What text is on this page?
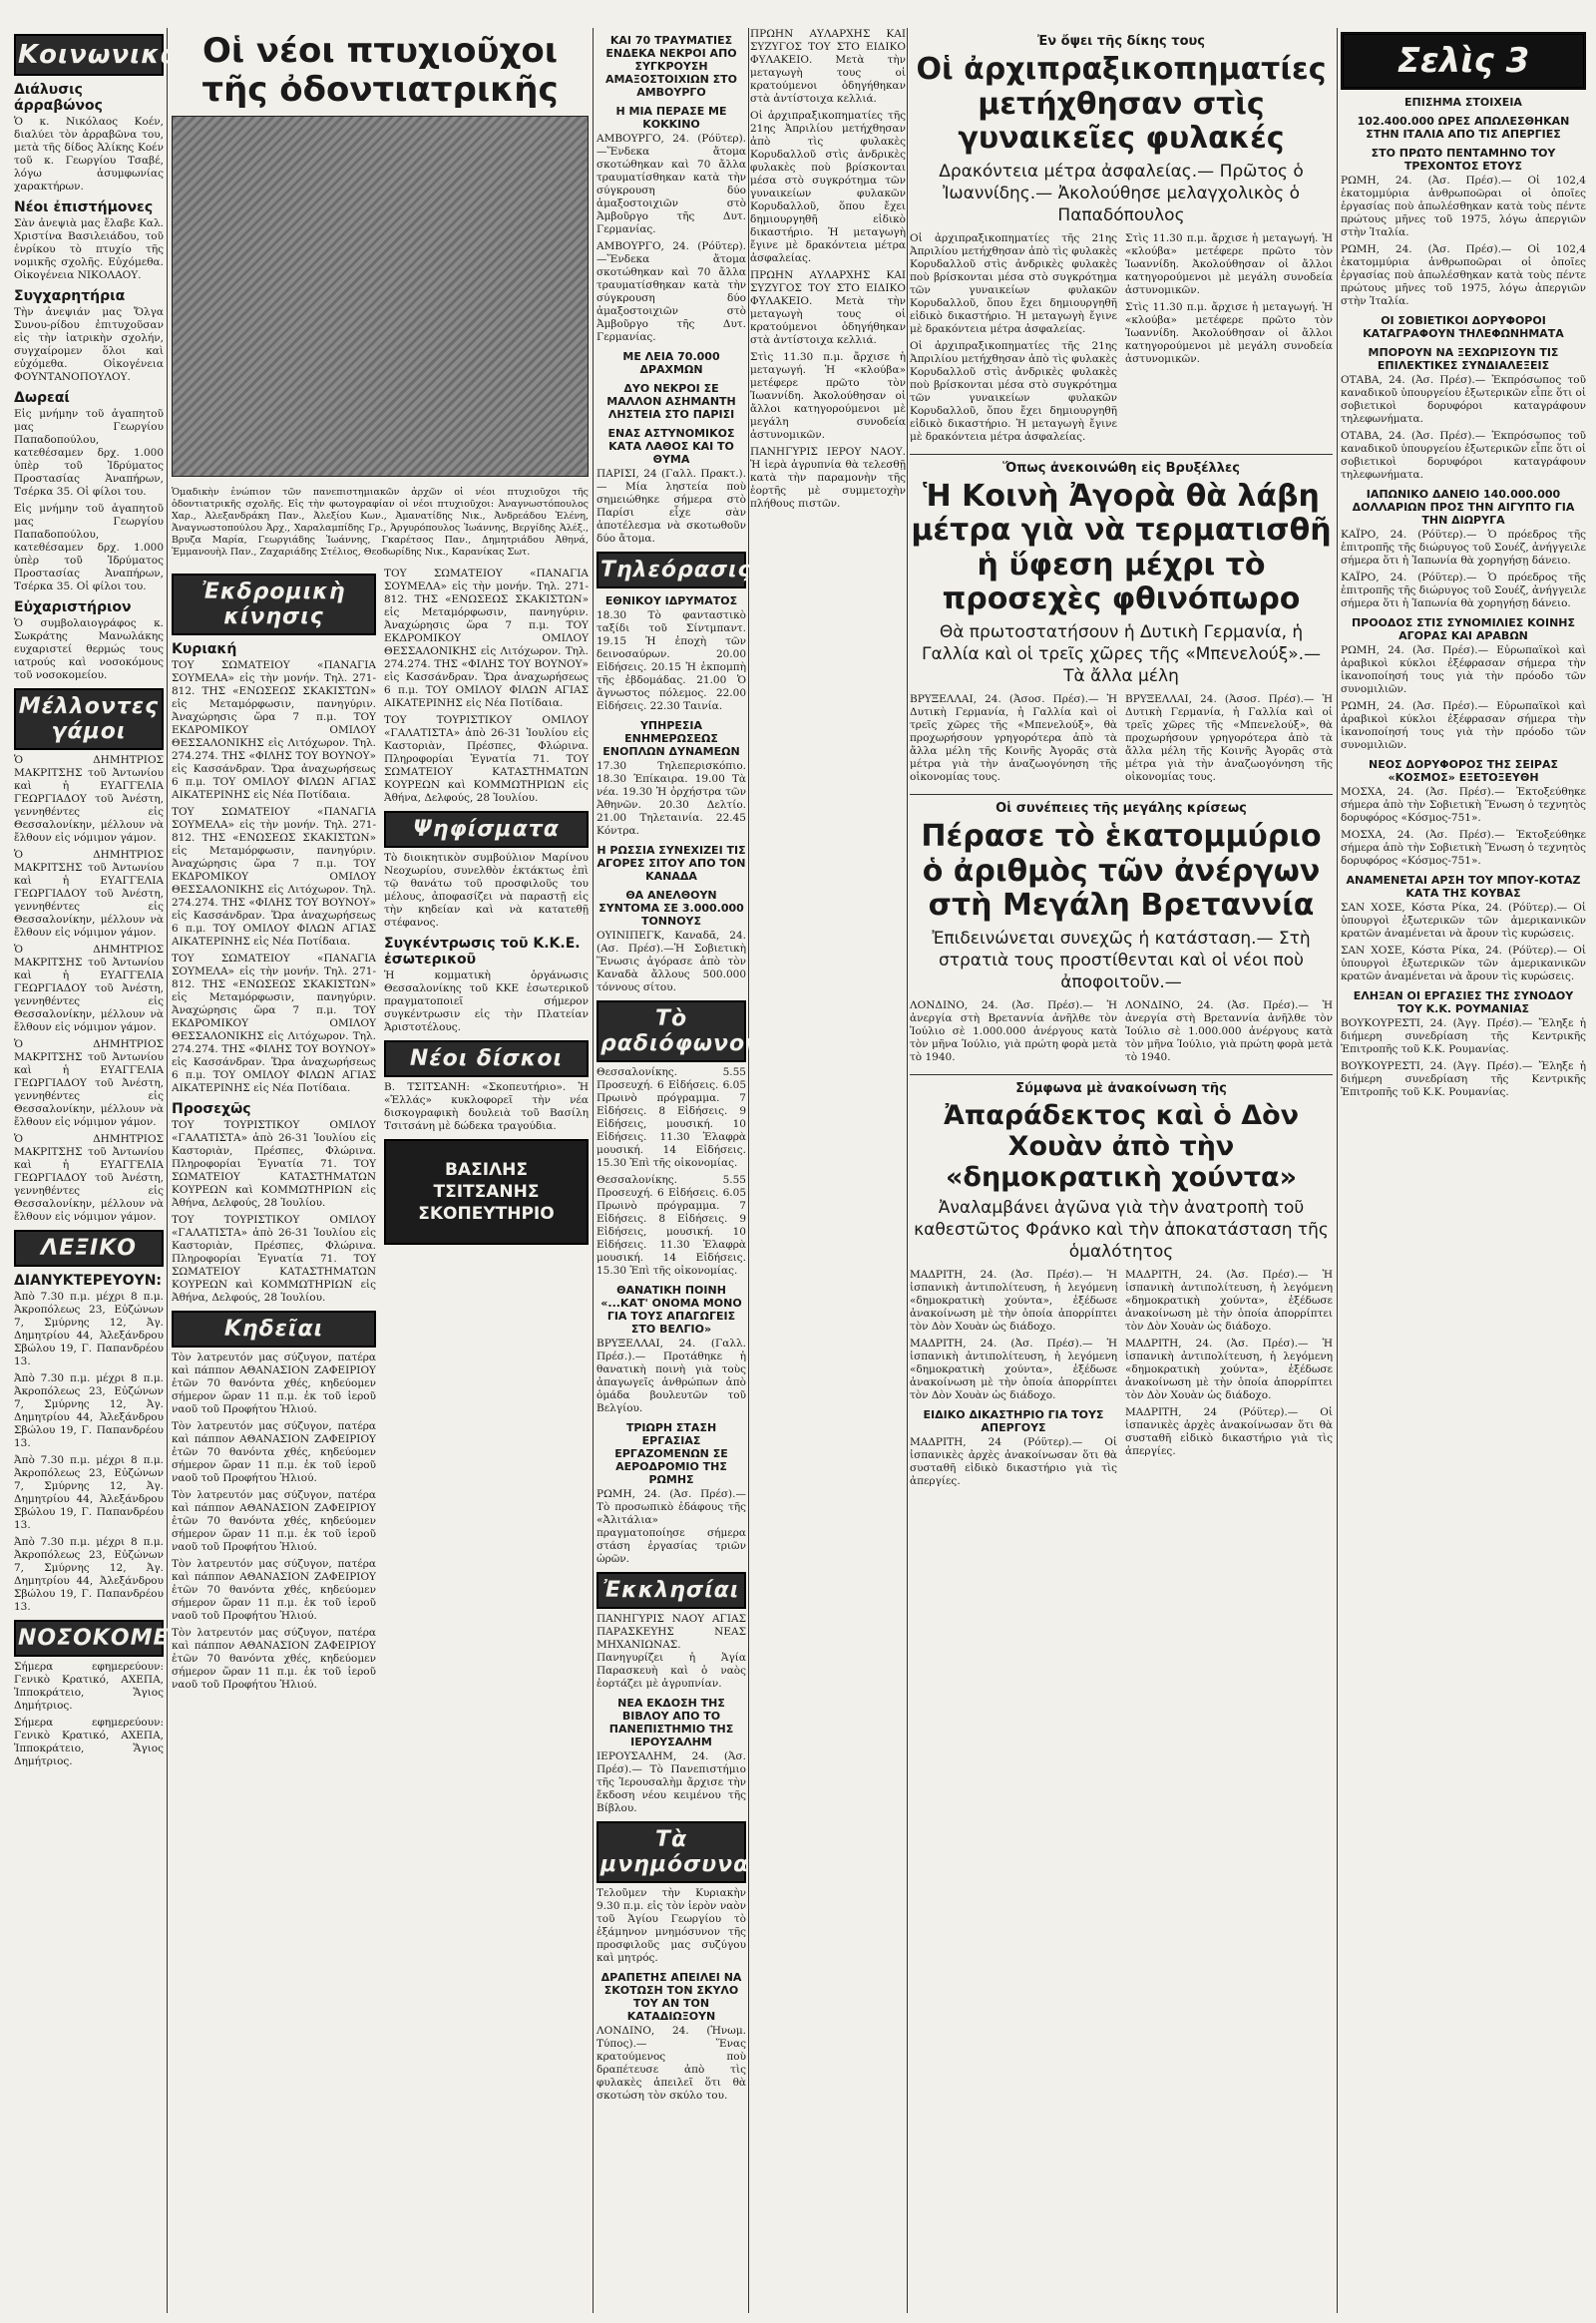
Κοινωνικά
Διάλυσις άρραβώνος

Ὁ κ. Νικόλαος Κοέν, διαλύει τὸν ἀρραβῶνα του, μετὰ τῆς δίδος Ἀλίκης Κοέν τοῦ κ. Γεωργίου Τσαβέ, λόγω ἀσυμφωνίας χαρακτήρων.

Νέοι ἐπιστήμονες

Σὰν ἀνεψιὰ μας ἔλαβε Καλ. Χριστίνα Βασιλειάδου, τοῦ ἐνρίκου τὸ πτυχίο τῆς νομικῆς σχολῆς. Εὐχόμεθα. Οἰκογένεια ΝΙΚΟΛΑΟΥ.

Συγχαρητήρια

Τὴν ἀνεψιάν μας Ὄλγα Συνου-ρίδου ἐπιτυχοῦσαν εἰς τὴν ἰατρικὴν σχολήν, συγχαίρομεν ὅλοι καὶ εὐχόμεθα. Οἰκογένεια ΦΟΥΝΤΑΝΟΠΟΥΛΟΥ.

Δωρεαί

Εἰς μνήμην τοῦ ἀγαπητοῦ μας Γεωργίου Παπαδοπούλου, κατεθέσαμεν δρχ. 1.000 ὑπὲρ τοῦ Ἱδρύματος Προστασίας Ἀναπήρων, Τσέρκα 35. Οἱ φίλοι του.

Εἰς μνήμην τοῦ ἀγαπητοῦ μας Γεωργίου Παπαδοπούλου, κατεθέσαμεν δρχ. 1.000 ὑπὲρ τοῦ Ἱδρύματος Προστασίας Ἀναπήρων, Τσέρκα 35. Οἱ φίλοι του.

Εὐχαριστήριον

Ὁ συμβολαιογράφος κ. Σωκράτης Μανωλάκης ευχαριστεί θερμώς τους ιατρούς καὶ νοσοκόμους τοῦ νοσοκομείου.

Μέλλοντες γάμοι

Ὁ ΔΗΜΗΤΡΙΟΣ ΜΑΚΡΙΤΣΗΣ τοῦ Ἀντωνίου καὶ ἡ ΕΥΑΓΓΕΛΙΑ ΓΕΩΡΓΙΑΔΟΥ τοῦ Ἀνέστη, γεννηθέντες εἰς Θεσσαλονίκην, μέλλουν νὰ ἔλθουν εἰς νόμιμον γάμον.

Ὁ ΔΗΜΗΤΡΙΟΣ ΜΑΚΡΙΤΣΗΣ τοῦ Ἀντωνίου καὶ ἡ ΕΥΑΓΓΕΛΙΑ ΓΕΩΡΓΙΑΔΟΥ τοῦ Ἀνέστη, γεννηθέντες εἰς Θεσσαλονίκην, μέλλουν νὰ ἔλθουν εἰς νόμιμον γάμον.

Ὁ ΔΗΜΗΤΡΙΟΣ ΜΑΚΡΙΤΣΗΣ τοῦ Ἀντωνίου καὶ ἡ ΕΥΑΓΓΕΛΙΑ ΓΕΩΡΓΙΑΔΟΥ τοῦ Ἀνέστη, γεννηθέντες εἰς Θεσσαλονίκην, μέλλουν νὰ ἔλθουν εἰς νόμιμον γάμον.

Ὁ ΔΗΜΗΤΡΙΟΣ ΜΑΚΡΙΤΣΗΣ τοῦ Ἀντωνίου καὶ ἡ ΕΥΑΓΓΕΛΙΑ ΓΕΩΡΓΙΑΔΟΥ τοῦ Ἀνέστη, γεννηθέντες εἰς Θεσσαλονίκην, μέλλουν νὰ ἔλθουν εἰς νόμιμον γάμον.

Ὁ ΔΗΜΗΤΡΙΟΣ ΜΑΚΡΙΤΣΗΣ τοῦ Ἀντωνίου καὶ ἡ ΕΥΑΓΓΕΛΙΑ ΓΕΩΡΓΙΑΔΟΥ τοῦ Ἀνέστη, γεννηθέντες εἰς Θεσσαλονίκην, μέλλουν νὰ ἔλθουν εἰς νόμιμον γάμον.

ΛΕΞΙΚΟ
ΔΙΑΝΥΚΤΕΡΕΥΟΥΝ:

Ἀπὸ 7.30 π.μ. μέχρι 8 π.μ. Ἀκροπόλεως 23, Εὐζώνων 7, Σμύρνης 12, Ἀγ. Δημητρίου 44, Ἀλεξάνδρου Σβώλου 19, Γ. Παπανδρέου 13.

Ἀπὸ 7.30 π.μ. μέχρι 8 π.μ. Ἀκροπόλεως 23, Εὐζώνων 7, Σμύρνης 12, Ἀγ. Δημητρίου 44, Ἀλεξάνδρου Σβώλου 19, Γ. Παπανδρέου 13.

Ἀπὸ 7.30 π.μ. μέχρι 8 π.μ. Ἀκροπόλεως 23, Εὐζώνων 7, Σμύρνης 12, Ἀγ. Δημητρίου 44, Ἀλεξάνδρου Σβώλου 19, Γ. Παπανδρέου 13.

Ἀπὸ 7.30 π.μ. μέχρι 8 π.μ. Ἀκροπόλεως 23, Εὐζώνων 7, Σμύρνης 12, Ἀγ. Δημητρίου 44, Ἀλεξάνδρου Σβώλου 19, Γ. Παπανδρέου 13.

ΝΟΣΟΚΟΜΕΙΑ

Σήμερα εφημερεύουν: Γενικὸ Κρατικό, ΑΧΕΠΑ, Ἱπποκράτειο, Ἅγιος Δημήτριος.

Σήμερα εφημερεύουν: Γενικὸ Κρατικό, ΑΧΕΠΑ, Ἱπποκράτειο, Ἅγιος Δημήτριος.

Οἱ νέοι πτυχιοῦχοι τῆς ὀδοντιατρικῆς

Ὁμαδικὴν ἐνώπιον τῶν πανεπιστημιακῶν ἀρχῶν οἱ νέοι πτυχιοῦχοι τῆς ὀδοντιατρικῆς σχολῆς. Εἰς τὴν φωτογραφίαν οἱ νέοι πτυχιοῦχοι: Ἀναγνωστόπουλος Χαρ., Ἀλεξανδράκη Παν., Ἀλεξίου Κων., Ἀμανατίδης Νικ., Ἀνδρεάδου Ἑλένη, Ἀναγνωστοπούλου Ἀρχ., Χαραλαμπίδης Γρ., Ἀργυρόπουλος Ἰωάννης, Βεργίδης Ἀλέξ., Βρυζα Μαρία, Γεωργιάδης Ἰωάννης, Γκαρέτσος Παν., Δημητριάδου Ἀθηνά, Ἐμμανουὴλ Παν., Ζαχαριάδης Στέλιος, Θεοδωρίδης Νικ., Καρανίκας Σωτ.

Ἐκδρομικὴ κίνησις
Κυριακή

ΤΟΥ ΣΩΜΑΤΕΙΟΥ «ΠΑΝΑΓΙΑ ΣΟΥΜΕΛΑ» εἰς τὴν μονήν. Τηλ. 271-812. ΤΗΣ «ΕΝΩΣΕΩΣ ΣΚΑΚΙΣΤΩΝ» εἰς Μεταμόρφωσιν, πανηγύριν. Ἀναχώρησις ὥρα 7 π.μ. ΤΟΥ ΕΚΔΡΟΜΙΚΟΥ ΟΜΙΛΟΥ ΘΕΣΣΑΛΟΝΙΚΗΣ εἰς Λιτόχωρον. Τηλ. 274.274. ΤΗΣ «ΦΙΛΗΣ ΤΟΥ ΒΟΥΝΟΥ» εἰς Κασσάνδραν. Ὥρα ἀναχωρήσεως 6 π.μ. ΤΟΥ ΟΜΙΛΟΥ ΦΙΛΩΝ ΑΓΙΑΣ ΑΙΚΑΤΕΡΙΝΗΣ εἰς Νέα Ποτίδαια.

ΤΟΥ ΣΩΜΑΤΕΙΟΥ «ΠΑΝΑΓΙΑ ΣΟΥΜΕΛΑ» εἰς τὴν μονήν. Τηλ. 271-812. ΤΗΣ «ΕΝΩΣΕΩΣ ΣΚΑΚΙΣΤΩΝ» εἰς Μεταμόρφωσιν, πανηγύριν. Ἀναχώρησις ὥρα 7 π.μ. ΤΟΥ ΕΚΔΡΟΜΙΚΟΥ ΟΜΙΛΟΥ ΘΕΣΣΑΛΟΝΙΚΗΣ εἰς Λιτόχωρον. Τηλ. 274.274. ΤΗΣ «ΦΙΛΗΣ ΤΟΥ ΒΟΥΝΟΥ» εἰς Κασσάνδραν. Ὥρα ἀναχωρήσεως 6 π.μ. ΤΟΥ ΟΜΙΛΟΥ ΦΙΛΩΝ ΑΓΙΑΣ ΑΙΚΑΤΕΡΙΝΗΣ εἰς Νέα Ποτίδαια.

ΤΟΥ ΣΩΜΑΤΕΙΟΥ «ΠΑΝΑΓΙΑ ΣΟΥΜΕΛΑ» εἰς τὴν μονήν. Τηλ. 271-812. ΤΗΣ «ΕΝΩΣΕΩΣ ΣΚΑΚΙΣΤΩΝ» εἰς Μεταμόρφωσιν, πανηγύριν. Ἀναχώρησις ὥρα 7 π.μ. ΤΟΥ ΕΚΔΡΟΜΙΚΟΥ ΟΜΙΛΟΥ ΘΕΣΣΑΛΟΝΙΚΗΣ εἰς Λιτόχωρον. Τηλ. 274.274. ΤΗΣ «ΦΙΛΗΣ ΤΟΥ ΒΟΥΝΟΥ» εἰς Κασσάνδραν. Ὥρα ἀναχωρήσεως 6 π.μ. ΤΟΥ ΟΜΙΛΟΥ ΦΙΛΩΝ ΑΓΙΑΣ ΑΙΚΑΤΕΡΙΝΗΣ εἰς Νέα Ποτίδαια.

Προσεχῶς

ΤΟΥ ΤΟΥΡΙΣΤΙΚΟΥ ΟΜΙΛΟΥ «ΓΑΛΑΤΙΣΤΑ» ἀπὸ 26-31 Ἰουλίου εἰς Καστοριὰν, Πρέσπες, Φλώρινα. Πληροφορίαι Ἐγνατία 71. ΤΟΥ ΣΩΜΑΤΕΙΟΥ ΚΑΤΑΣΤΗΜΑΤΩΝ ΚΟΥΡΕΩΝ καὶ ΚΟΜΜΩΤΗΡΙΩΝ εἰς Ἀθήνα, Δελφούς, 28 Ἰουλίου.

ΤΟΥ ΤΟΥΡΙΣΤΙΚΟΥ ΟΜΙΛΟΥ «ΓΑΛΑΤΙΣΤΑ» ἀπὸ 26-31 Ἰουλίου εἰς Καστοριὰν, Πρέσπες, Φλώρινα. Πληροφορίαι Ἐγνατία 71. ΤΟΥ ΣΩΜΑΤΕΙΟΥ ΚΑΤΑΣΤΗΜΑΤΩΝ ΚΟΥΡΕΩΝ καὶ ΚΟΜΜΩΤΗΡΙΩΝ εἰς Ἀθήνα, Δελφούς, 28 Ἰουλίου.

Κηδεῖαι

Τὸν λατρευτόν μας σύζυγον, πατέρα καὶ πάππον ΑΘΑΝΑΣΙΟΝ ΖΑΦΕΙΡΙΟΥ ἐτῶν 70 θανόντα χθές, κηδεύομεν σήμερον ὥραν 11 π.μ. ἐκ τοῦ ἱεροῦ ναοῦ τοῦ Προφήτου Ἠλιού.

Τὸν λατρευτόν μας σύζυγον, πατέρα καὶ πάππον ΑΘΑΝΑΣΙΟΝ ΖΑΦΕΙΡΙΟΥ ἐτῶν 70 θανόντα χθές, κηδεύομεν σήμερον ὥραν 11 π.μ. ἐκ τοῦ ἱεροῦ ναοῦ τοῦ Προφήτου Ἠλιού.

Τὸν λατρευτόν μας σύζυγον, πατέρα καὶ πάππον ΑΘΑΝΑΣΙΟΝ ΖΑΦΕΙΡΙΟΥ ἐτῶν 70 θανόντα χθές, κηδεύομεν σήμερον ὥραν 11 π.μ. ἐκ τοῦ ἱεροῦ ναοῦ τοῦ Προφήτου Ἠλιού.

Τὸν λατρευτόν μας σύζυγον, πατέρα καὶ πάππον ΑΘΑΝΑΣΙΟΝ ΖΑΦΕΙΡΙΟΥ ἐτῶν 70 θανόντα χθές, κηδεύομεν σήμερον ὥραν 11 π.μ. ἐκ τοῦ ἱεροῦ ναοῦ τοῦ Προφήτου Ἠλιού.

Τὸν λατρευτόν μας σύζυγον, πατέρα καὶ πάππον ΑΘΑΝΑΣΙΟΝ ΖΑΦΕΙΡΙΟΥ ἐτῶν 70 θανόντα χθές, κηδεύομεν σήμερον ὥραν 11 π.μ. ἐκ τοῦ ἱεροῦ ναοῦ τοῦ Προφήτου Ἠλιού.

ΤΟΥ ΣΩΜΑΤΕΙΟΥ «ΠΑΝΑΓΙΑ ΣΟΥΜΕΛΑ» εἰς τὴν μονήν. Τηλ. 271-812. ΤΗΣ «ΕΝΩΣΕΩΣ ΣΚΑΚΙΣΤΩΝ» εἰς Μεταμόρφωσιν, πανηγύριν. Ἀναχώρησις ὥρα 7 π.μ. ΤΟΥ ΕΚΔΡΟΜΙΚΟΥ ΟΜΙΛΟΥ ΘΕΣΣΑΛΟΝΙΚΗΣ εἰς Λιτόχωρον. Τηλ. 274.274. ΤΗΣ «ΦΙΛΗΣ ΤΟΥ ΒΟΥΝΟΥ» εἰς Κασσάνδραν. Ὥρα ἀναχωρήσεως 6 π.μ. ΤΟΥ ΟΜΙΛΟΥ ΦΙΛΩΝ ΑΓΙΑΣ ΑΙΚΑΤΕΡΙΝΗΣ εἰς Νέα Ποτίδαια.

ΤΟΥ ΤΟΥΡΙΣΤΙΚΟΥ ΟΜΙΛΟΥ «ΓΑΛΑΤΙΣΤΑ» ἀπὸ 26-31 Ἰουλίου εἰς Καστοριὰν, Πρέσπες, Φλώρινα. Πληροφορίαι Ἐγνατία 71. ΤΟΥ ΣΩΜΑΤΕΙΟΥ ΚΑΤΑΣΤΗΜΑΤΩΝ ΚΟΥΡΕΩΝ καὶ ΚΟΜΜΩΤΗΡΙΩΝ εἰς Ἀθήνα, Δελφούς, 28 Ἰουλίου.

Ψηφίσματα

Τὸ διοικητικὸν συμβούλιον Μαρίνου Νεοχωρίου, συνελθὸν ἐκτάκτως ἐπὶ τῷ θανάτω τοῦ προσφιλοῦς του μέλους, ἀποφασίζει νὰ παραστῇ εἰς τὴν κηδείαν καὶ νὰ κατατεθῇ στέφανος.

Συγκέντρωσις τοῦ Κ.Κ.Ε. ἐσωτερικοῦ

Ἡ κομματικὴ ὀργάνωσις Θεσσαλονίκης τοῦ ΚΚΕ ἐσωτερικοῦ πραγματοποιεῖ σήμερον συγκέντρωσιν εἰς τὴν Πλατείαν Ἀριστοτέλους.

Νέοι δίσκοι

Β. ΤΣΙΤΣΑΝΗ: «Σκοπευτήριο». Ἡ «Ἑλλάς» κυκλοφορεῖ τὴν νέα δισκογραφικὴ δουλειὰ τοῦ Βασίλη Τσιτσάνη μὲ δώδεκα τραγούδια.

ΒΑΣΙΛΗΣ ΤΣΙΤΣΑΝΗΣ ΣΚΟΠΕΥΤΗΡΙΟ
ΚΑΙ 70 ΤΡΑΥΜΑΤΙΕΣ ΕΝΔΕΚΑ ΝΕΚΡΟΙ ΑΠΟ ΣΥΓΚΡΟΥΣΗ ΑΜΑΞΟΣΤΟΙΧΙΩΝ ΣΤΟ ΑΜΒΟΥΡΓΟ
Η ΜΙΑ ΠΕΡΑΣΕ ΜΕ ΚΟΚΚΙΝΟ

ΑΜΒΟΥΡΓΟ, 24. (Ρόϋτερ).—Ἕνδεκα ἄτομα σκοτώθηκαν καὶ 70 ἄλλα τραυματίσθηκαν κατὰ τὴν σύγκρουση δύο ἀμαξοστοιχιῶν στὸ Ἀμβοῦργο τῆς Δυτ. Γερμανίας.

ΑΜΒΟΥΡΓΟ, 24. (Ρόϋτερ).—Ἕνδεκα ἄτομα σκοτώθηκαν καὶ 70 ἄλλα τραυματίσθηκαν κατὰ τὴν σύγκρουση δύο ἀμαξοστοιχιῶν στὸ Ἀμβοῦργο τῆς Δυτ. Γερμανίας.

ΜΕ ΛΕΙΑ 70.000 ΔΡΑΧΜΩΝ
ΔΥΟ ΝΕΚΡΟΙ ΣΕ ΜΑΛΛΟΝ ΑΣΗΜΑΝΤΗ ΛΗΣΤΕΙΑ ΣΤΟ ΠΑΡΙΣΙ
ΕΝΑΣ ΑΣΤΥΝΟΜΙΚΟΣ ΚΑΤΑ ΛΑΘΟΣ ΚΑΙ ΤΟ ΘΥΜΑ

ΠΑΡΙΣΙ, 24 (Γαλλ. Πρακτ.).— Μία ληστεία ποὺ σημειώθηκε σήμερα στὸ Παρίσι εἶχε σὰν ἀποτέλεσμα νὰ σκοτωθοῦν δύο ἄτομα.

Τηλεόρασις
ΕΘΝΙΚΟΥ ΙΔΡΥΜΑΤΟΣ

18.30 Τὸ φανταστικὸ ταξίδι τοῦ Σίντμπαντ. 19.15 Ἡ ἐποχὴ τῶν δεινοσαύρων. 20.00 Εἰδήσεις. 20.15 Ἡ ἐκπομπὴ τῆς ἐβδομάδας. 21.00 Ὁ ἄγνωστος πόλεμος. 22.00 Εἰδήσεις. 22.30 Ταινία.

ΥΠΗΡΕΣΙΑ ΕΝΗΜΕΡΩΣΕΩΣ ΕΝΟΠΛΩΝ ΔΥΝΑΜΕΩΝ

17.30 Τηλεπερισκόπιο. 18.30 Ἐπίκαιρα. 19.00 Τὰ νέα. 19.30 Ἡ ὀρχήστρα τῶν Ἀθηνῶν. 20.30 Δελτίο. 21.00 Τηλεταινία. 22.45 Κόντρα.

Η ΡΩΣΣΙΑ ΣΥΝΕΧΙΖΕΙ ΤΙΣ ΑΓΟΡΕΣ ΣΙΤΟΥ ΑΠΟ ΤΟΝ ΚΑΝΑΔΑ
ΘΑ ΑΝΕΛΘΟΥΝ ΣΥΝΤΟΜΑ ΣΕ 3.000.000 ΤΟΝΝΟΥΣ

ΟΥΙΝΙΠΕΓΚ, Καναδᾶ, 24. (Ασ. Πρέσ).—Ἡ Σοβιετικὴ Ἕνωσις ἀγόρασε ἀπὸ τὸν Καναδὰ ἄλλους 500.000 τόννους σίτου.

Τὸ ραδιόφωνον

Θεσσαλονίκης. 5.55 Προσευχή. 6 Εἰδήσεις. 6.05 Πρωινὸ πρόγραμμα. 7 Εἰδήσεις. 8 Εἰδήσεις. 9 Εἰδήσεις, μουσική. 10 Εἰδήσεις. 11.30 Ἑλαφρὰ μουσική. 14 Εἰδήσεις. 15.30 Ἐπὶ τῆς οἰκονομίας.

Θεσσαλονίκης. 5.55 Προσευχή. 6 Εἰδήσεις. 6.05 Πρωινὸ πρόγραμμα. 7 Εἰδήσεις. 8 Εἰδήσεις. 9 Εἰδήσεις, μουσική. 10 Εἰδήσεις. 11.30 Ἑλαφρὰ μουσική. 14 Εἰδήσεις. 15.30 Ἐπὶ τῆς οἰκονομίας.

ΘΑΝΑΤΙΚΗ ΠΟΙΝΗ «...ΚΑΤ' ΟΝΟΜΑ ΜΟΝΟ ΓΙΑ ΤΟΥΣ ΑΠΑΓΩΓΕΙΣ ΣΤΟ ΒΕΛΓΙΟ»

ΒΡΥΞΕΛΛΑΙ, 24. (Γαλλ. Πρέσ.).— Προτάθηκε ἡ θανατικὴ ποινὴ γιὰ τοὺς ἀπαγωγεῖς ἀνθρώπων ἀπὸ ὁμάδα βουλευτῶν τοῦ Βελγίου.

ΤΡΙΩΡΗ ΣΤΑΣΗ ΕΡΓΑΣΙΑΣ ΕΡΓΑΖΟΜΕΝΩΝ ΣΕ ΑΕΡΟΔΡΟΜΙΟ ΤΗΣ ΡΩΜΗΣ

ΡΩΜΗ, 24. (Ἀσ. Πρέσ).— Τὸ προσωπικὸ ἐδάφους τῆς «Ἀλιτάλια» πραγματοποίησε σήμερα στάση ἐργασίας τριῶν ὡρῶν.

Ἐκκλησίαι

ΠΑΝΗΓΥΡΙΣ ΝΑΟΥ ΑΓΙΑΣ ΠΑΡΑΣΚΕΥΗΣ ΝΕΑΣ ΜΗΧΑΝΙΩΝΑΣ. Πανηγυρίζει ἡ Ἁγία Παρασκευὴ καὶ ὁ ναὸς ἑορτάζει μὲ ἀγρυπνίαν.

ΝΕΑ ΕΚΔΟΣΗ ΤΗΣ ΒΙΒΛΟΥ ΑΠΟ ΤΟ ΠΑΝΕΠΙΣΤΗΜΙΟ ΤΗΣ ΙΕΡΟΥΣΑΛΗΜ

ΙΕΡΟΥΣΑΛΗΜ, 24. (Ἀσ. Πρέσ).— Τὸ Πανεπιστήμιο τῆς Ἱερουσαλὴμ ἄρχισε τὴν ἔκδοση νέου κειμένου τῆς Βίβλου.

Τὰ μνημόσυνα

Τελοῦμεν τὴν Κυριακὴν 9.30 π.μ. εἰς τὸν ἱερὸν ναὸν τοῦ Ἁγίου Γεωργίου τὸ ἐξάμηνον μνημόσυνον τῆς προσφιλοῦς μας συζύγου καὶ μητρός.

ΔΡΑΠΕΤΗΣ ΑΠΕΙΛΕΙ ΝΑ ΣΚΟΤΩΣΗ ΤΟΝ ΣΚΥΛΟ ΤΟΥ ΑΝ ΤΟΝ ΚΑΤΑΔΙΩΞΟΥΝ

ΛΟΝΔΙΝΟ, 24. (Ἡνωμ. Τύπος).— Ἕνας κρατούμενος ποὺ δραπέτευσε ἀπὸ τὶς φυλακὲς ἀπειλεῖ ὅτι θὰ σκοτώση τὸν σκύλο του.

ΠΡΩΗΝ ΑΥΛΑΡΧΗΣ ΚΑΙ ΣΥΖΥΓΟΣ ΤΟΥ ΣΤΟ ΕΙΔΙΚΟ ΦΥΛΑΚΕΙΟ. Μετὰ τὴν μεταγωγὴ τους οἱ κρατούμενοι ὁδηγήθηκαν στὰ ἀντίστοιχα κελλιά.

Οἱ ἀρχιπραξικοπηματίες τῆς 21ης Ἀπριλίου μετήχθησαν ἀπὸ τὶς φυλακὲς Κορυδαλλοῦ στὶς ἀνδρικὲς φυλακὲς ποὺ βρίσκονται μέσα στὸ συγκρότημα τῶν γυναικείων φυλακῶν Κορυδαλλοῦ, ὅπου ἔχει δημιουργηθῆ εἰδικὸ δικαστήριο. Ἡ μεταγωγὴ ἔγινε μὲ δρακόντεια μέτρα ἀσφαλείας.

ΠΡΩΗΝ ΑΥΛΑΡΧΗΣ ΚΑΙ ΣΥΖΥΓΟΣ ΤΟΥ ΣΤΟ ΕΙΔΙΚΟ ΦΥΛΑΚΕΙΟ. Μετὰ τὴν μεταγωγὴ τους οἱ κρατούμενοι ὁδηγήθηκαν στὰ ἀντίστοιχα κελλιά.

Στὶς 11.30 π.μ. ἄρχισε ἡ μεταγωγή. Ἡ «κλούβα» μετέφερε πρῶτο τὸν Ἰωαννίδη. Ἀκολούθησαν οἱ ἄλλοι κατηγορούμενοι μὲ μεγάλη συνοδεία ἀστυνομικῶν.

ΠΑΝΗΓΥΡΙΣ ΙΕΡΟΥ ΝΑΟΥ. Ἡ ἱερὰ ἀγρυπνία θὰ τελεσθῇ κατὰ τὴν παραμονὴν τῆς ἑορτῆς μὲ συμμετοχὴν πλήθους πιστῶν.

Ἐν ὄψει τῆς δίκης τους
Οἱ ἀρχιπραξικοπηματίες μετήχθησαν στὶς γυναικεῖες φυλακές
Δρακόντεια μέτρα ἀσφαλείας.— Πρῶτος ὁ Ἰωαννίδης.— Ἀκολούθησε μελαγχολικὸς ὁ Παπαδόπουλος

Οἱ ἀρχιπραξικοπηματίες τῆς 21ης Ἀπριλίου μετήχθησαν ἀπὸ τὶς φυλακὲς Κορυδαλλοῦ στὶς ἀνδρικὲς φυλακὲς ποὺ βρίσκονται μέσα στὸ συγκρότημα τῶν γυναικείων φυλακῶν Κορυδαλλοῦ, ὅπου ἔχει δημιουργηθῆ εἰδικὸ δικαστήριο. Ἡ μεταγωγὴ ἔγινε μὲ δρακόντεια μέτρα ἀσφαλείας.

Οἱ ἀρχιπραξικοπηματίες τῆς 21ης Ἀπριλίου μετήχθησαν ἀπὸ τὶς φυλακὲς Κορυδαλλοῦ στὶς ἀνδρικὲς φυλακὲς ποὺ βρίσκονται μέσα στὸ συγκρότημα τῶν γυναικείων φυλακῶν Κορυδαλλοῦ, ὅπου ἔχει δημιουργηθῆ εἰδικὸ δικαστήριο. Ἡ μεταγωγὴ ἔγινε μὲ δρακόντεια μέτρα ἀσφαλείας.

Στὶς 11.30 π.μ. ἄρχισε ἡ μεταγωγή. Ἡ «κλούβα» μετέφερε πρῶτο τὸν Ἰωαννίδη. Ἀκολούθησαν οἱ ἄλλοι κατηγορούμενοι μὲ μεγάλη συνοδεία ἀστυνομικῶν.

Στὶς 11.30 π.μ. ἄρχισε ἡ μεταγωγή. Ἡ «κλούβα» μετέφερε πρῶτο τὸν Ἰωαννίδη. Ἀκολούθησαν οἱ ἄλλοι κατηγορούμενοι μὲ μεγάλη συνοδεία ἀστυνομικῶν.

Ὅπως ἀνεκοινώθη εἰς Βρυξέλλες
Ἡ Κοινὴ Ἀγορὰ θὰ λάβη μέτρα γιὰ νὰ τερματισθῆ ἡ ὕφεση μέχρι τὸ προσεχὲς φθινόπωρο
Θὰ πρωτοστατήσουν ἡ Δυτικὴ Γερμανία, ἡ Γαλλία καὶ οἱ τρεῖς χῶρες τῆς «Μπενελούξ».— Τὰ ἄλλα μέλη

ΒΡΥΞΕΛΛΑΙ, 24. (Ἀσοσ. Πρέσ).— Ἡ Δυτικὴ Γερμανία, ἡ Γαλλία καὶ οἱ τρεῖς χῶρες τῆς «Μπενελούξ», θὰ προχωρήσουν γρηγορότερα ἀπὸ τὰ ἄλλα μέλη τῆς Κοινῆς Ἀγορᾶς στὰ μέτρα γιὰ τὴν ἀναζωογόνηση τῆς οἰκονομίας τους.

ΒΡΥΞΕΛΛΑΙ, 24. (Ἀσοσ. Πρέσ).— Ἡ Δυτικὴ Γερμανία, ἡ Γαλλία καὶ οἱ τρεῖς χῶρες τῆς «Μπενελούξ», θὰ προχωρήσουν γρηγορότερα ἀπὸ τὰ ἄλλα μέλη τῆς Κοινῆς Ἀγορᾶς στὰ μέτρα γιὰ τὴν ἀναζωογόνηση τῆς οἰκονομίας τους.

Οἱ συνέπειες τῆς μεγάλης κρίσεως
Πέρασε τὸ ἑκατομμύριο ὁ ἀριθμὸς τῶν ἀνέργων στὴ Μεγάλη Βρεταννία
Ἐπιδεινώνεται συνεχῶς ἡ κατάσταση.— Στὴ στρατιὰ τους προστίθενται καὶ οἱ νέοι ποὺ ἀποφοιτοῦν.—

ΛΟΝΔΙΝΟ, 24. (Ἀσ. Πρέσ).— Ἡ ἀνεργία στὴ Βρεταννία ἀνῆλθε τὸν Ἰούλιο σὲ 1.000.000 ἀνέργους κατὰ τὸν μῆνα Ἰούλιο, γιὰ πρώτη φορὰ μετὰ τὸ 1940.

ΛΟΝΔΙΝΟ, 24. (Ἀσ. Πρέσ).— Ἡ ἀνεργία στὴ Βρεταννία ἀνῆλθε τὸν Ἰούλιο σὲ 1.000.000 ἀνέργους κατὰ τὸν μῆνα Ἰούλιο, γιὰ πρώτη φορὰ μετὰ τὸ 1940.

Σύμφωνα μὲ ἀνακοίνωση τῆς
Ἀπαράδεκτος καὶ ὁ Δὸν Χουὰν ἀπὸ τὴν «δημοκρατικὴ χούντα»
Ἀναλαμβάνει ἀγῶνα γιὰ τὴν ἀνατροπὴ τοῦ καθεστῶτος Φράνκο καὶ τὴν ἀποκατάσταση τῆς ὁμαλότητος

ΜΑΔΡΙΤΗ, 24. (Ἀσ. Πρέσ).— Ἡ ἰσπανικὴ ἀντιπολίτευση, ἡ λεγόμενη «δημοκρατικὴ χούντα», ἐξέδωσε ἀνακοίνωση μὲ τὴν ὁποία ἀπορρίπτει τὸν Δὸν Χουὰν ὡς διάδοχο.

ΜΑΔΡΙΤΗ, 24. (Ἀσ. Πρέσ).— Ἡ ἰσπανικὴ ἀντιπολίτευση, ἡ λεγόμενη «δημοκρατικὴ χούντα», ἐξέδωσε ἀνακοίνωση μὲ τὴν ὁποία ἀπορρίπτει τὸν Δὸν Χουὰν ὡς διάδοχο.

ΕΙΔΙΚΟ ΔΙΚΑΣΤΗΡΙΟ ΓΙΑ ΤΟΥΣ ΑΠΕΡΓΟΥΣ

ΜΑΔΡΙΤΗ, 24 (Ρόϋτερ).— Οἱ ἰσπανικὲς ἀρχὲς ἀνακοίνωσαν ὅτι θὰ συσταθῆ εἰδικὸ δικαστήριο γιὰ τὶς ἀπεργίες.

ΜΑΔΡΙΤΗ, 24. (Ἀσ. Πρέσ).— Ἡ ἰσπανικὴ ἀντιπολίτευση, ἡ λεγόμενη «δημοκρατικὴ χούντα», ἐξέδωσε ἀνακοίνωση μὲ τὴν ὁποία ἀπορρίπτει τὸν Δὸν Χουὰν ὡς διάδοχο.

ΜΑΔΡΙΤΗ, 24. (Ἀσ. Πρέσ).— Ἡ ἰσπανικὴ ἀντιπολίτευση, ἡ λεγόμενη «δημοκρατικὴ χούντα», ἐξέδωσε ἀνακοίνωση μὲ τὴν ὁποία ἀπορρίπτει τὸν Δὸν Χουὰν ὡς διάδοχο.

ΜΑΔΡΙΤΗ, 24 (Ρόϋτερ).— Οἱ ἰσπανικὲς ἀρχὲς ἀνακοίνωσαν ὅτι θὰ συσταθῆ εἰδικὸ δικαστήριο γιὰ τὶς ἀπεργίες.

Σελὶς 3
ΕΠΙΣΗΜΑ ΣΤΟΙΧΕΙΑ
102.400.000 ΩΡΕΣ ΑΠΩΛΕΣΘΗΚΑΝ ΣΤΗΝ ΙΤΑΛΙΑ ΑΠΟ ΤΙΣ ΑΠΕΡΓΙΕΣ
ΣΤΟ ΠΡΩΤΟ ΠΕΝΤΑΜΗΝΟ ΤΟΥ ΤΡΕΧΟΝΤΟΣ ΕΤΟΥΣ

ΡΩΜΗ, 24. (Ἀσ. Πρέσ).— Οἱ 102,4 ἑκατομμύρια ἀνθρωποῶραι οἱ ὁποῖες ἐργασίας ποὺ ἀπωλέσθηκαν κατὰ τοὺς πέντε πρώτους μῆνες τοῦ 1975, λόγω ἀπεργιῶν στὴν Ἰταλία.

ΡΩΜΗ, 24. (Ἀσ. Πρέσ).— Οἱ 102,4 ἑκατομμύρια ἀνθρωποῶραι οἱ ὁποῖες ἐργασίας ποὺ ἀπωλέσθηκαν κατὰ τοὺς πέντε πρώτους μῆνες τοῦ 1975, λόγω ἀπεργιῶν στὴν Ἰταλία.

ΟΙ ΣΟΒΙΕΤΙΚΟΙ ΔΟΡΥΦΟΡΟΙ ΚΑΤΑΓΡΑΦΟΥΝ ΤΗΛΕΦΩΝΗΜΑΤΑ
ΜΠΟΡΟΥΝ ΝΑ ΞΕΧΩΡΙΣΟΥΝ ΤΙΣ ΕΠΙΛΕΚΤΙΚΕΣ ΣΥΝΔΙΑΛΕΞΕΙΣ

ΟΤΑΒΑ, 24. (Ἀσ. Πρέσ).— Ἐκπρόσωπος τοῦ καναδικοῦ ὑπουργείου ἐξωτερικῶν εἶπε ὅτι οἱ σοβιετικοὶ δορυφόροι καταγράφουν τηλεφωνήματα.

ΟΤΑΒΑ, 24. (Ἀσ. Πρέσ).— Ἐκπρόσωπος τοῦ καναδικοῦ ὑπουργείου ἐξωτερικῶν εἶπε ὅτι οἱ σοβιετικοὶ δορυφόροι καταγράφουν τηλεφωνήματα.

ΙΑΠΩΝΙΚΟ ΔΑΝΕΙΟ 140.000.000 ΔΟΛΛΑΡΙΩΝ ΠΡΟΣ ΤΗΝ ΑΙΓΥΠΤΟ ΓΙΑ ΤΗΝ ΔΙΩΡΥΓΑ

ΚΑΪΡΟ, 24. (Ρόϋτερ).— Ὁ πρόεδρος τῆς ἐπιτροπῆς τῆς διώρυγος τοῦ Σουέζ, ἀνήγγειλε σήμερα ὅτι ἡ Ἰαπωνία θὰ χορηγήσῃ δάνειο.

ΚΑΪΡΟ, 24. (Ρόϋτερ).— Ὁ πρόεδρος τῆς ἐπιτροπῆς τῆς διώρυγος τοῦ Σουέζ, ἀνήγγειλε σήμερα ὅτι ἡ Ἰαπωνία θὰ χορηγήσῃ δάνειο.

ΠΡΟΟΔΟΣ ΣΤΙΣ ΣΥΝΟΜΙΛΙΕΣ ΚΟΙΝΗΣ ΑΓΟΡΑΣ ΚΑΙ ΑΡΑΒΩΝ

ΡΩΜΗ, 24. (Ἀσ. Πρέσ).— Εὐρωπαϊκοὶ καὶ ἀραβικοὶ κύκλοι ἐξέφρασαν σήμερα τὴν ἱκανοποίησή τους γιὰ τὴν πρόοδο τῶν συνομιλιῶν.

ΡΩΜΗ, 24. (Ἀσ. Πρέσ).— Εὐρωπαϊκοὶ καὶ ἀραβικοὶ κύκλοι ἐξέφρασαν σήμερα τὴν ἱκανοποίησή τους γιὰ τὴν πρόοδο τῶν συνομιλιῶν.

ΝΕΟΣ ΔΟΡΥΦΟΡΟΣ ΤΗΣ ΣΕΙΡΑΣ «ΚΟΣΜΟΣ» ΕΞΕΤΟΞΕΥΘΗ

ΜΟΣΧΑ, 24. (Ἀσ. Πρέσ).— Ἐκτοξεύθηκε σήμερα ἀπὸ τὴν Σοβιετικὴ Ἕνωση ὁ τεχνητὸς δορυφόρος «Κόσμος-751».

ΜΟΣΧΑ, 24. (Ἀσ. Πρέσ).— Ἐκτοξεύθηκε σήμερα ἀπὸ τὴν Σοβιετικὴ Ἕνωση ὁ τεχνητὸς δορυφόρος «Κόσμος-751».

ΑΝΑΜΕΝΕΤΑΙ ΑΡΣΗ ΤΟΥ ΜΠΟΥ-ΚΟΤΑΖ ΚΑΤΑ ΤΗΣ ΚΟΥΒΑΣ

ΣΑΝ ΧΟΣΕ, Κόστα Ρίκα, 24. (Ρόϋτερ).— Οἱ ὑπουργοὶ ἐξωτερικῶν τῶν ἀμερικανικῶν κρατῶν ἀναμένεται νὰ ἄρουν τὶς κυρώσεις.

ΣΑΝ ΧΟΣΕ, Κόστα Ρίκα, 24. (Ρόϋτερ).— Οἱ ὑπουργοὶ ἐξωτερικῶν τῶν ἀμερικανικῶν κρατῶν ἀναμένεται νὰ ἄρουν τὶς κυρώσεις.

ΕΛΗΞΑΝ ΟΙ ΕΡΓΑΣΙΕΣ ΤΗΣ ΣΥΝΟΔΟΥ ΤΟΥ Κ.Κ. ΡΟΥΜΑΝΙΑΣ

ΒΟΥΚΟΥΡΕΣΤΙ, 24. (Ἀγγ. Πρέσ).— Ἔληξε ἡ διήμερη συνεδρίαση τῆς Κεντρικῆς Ἐπιτροπῆς τοῦ Κ.Κ. Ρουμανίας.

ΒΟΥΚΟΥΡΕΣΤΙ, 24. (Ἀγγ. Πρέσ).— Ἔληξε ἡ διήμερη συνεδρίαση τῆς Κεντρικῆς Ἐπιτροπῆς τοῦ Κ.Κ. Ρουμανίας.
